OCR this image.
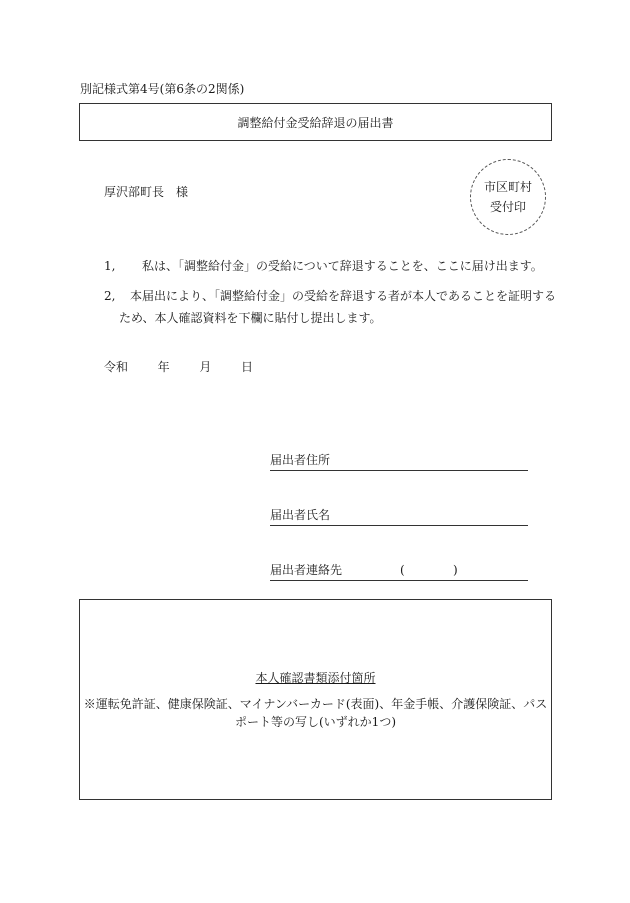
別記様式第4号(第6条の2関係)
調整給付金受給辞退の届出書
厚沢部町長　様	市区町村
受付印
1,	私は、「調整給付金」の受給について辞退することを、ここに届け出ます。
2,	本届出により、「調整給付金」の受給を辞退する者が本人であることを証明するため、本人確認資料を下欄に貼付し提出します。
令和 年 月 日
届出者住所
届出者氏名
届出者連絡先	(	)
本人確認書類添付箇所
※運転免許証、健康保険証、マイナンバーカード(表面)、年金手帳、介護保険証、パスポート等の写し(いずれか1つ)
